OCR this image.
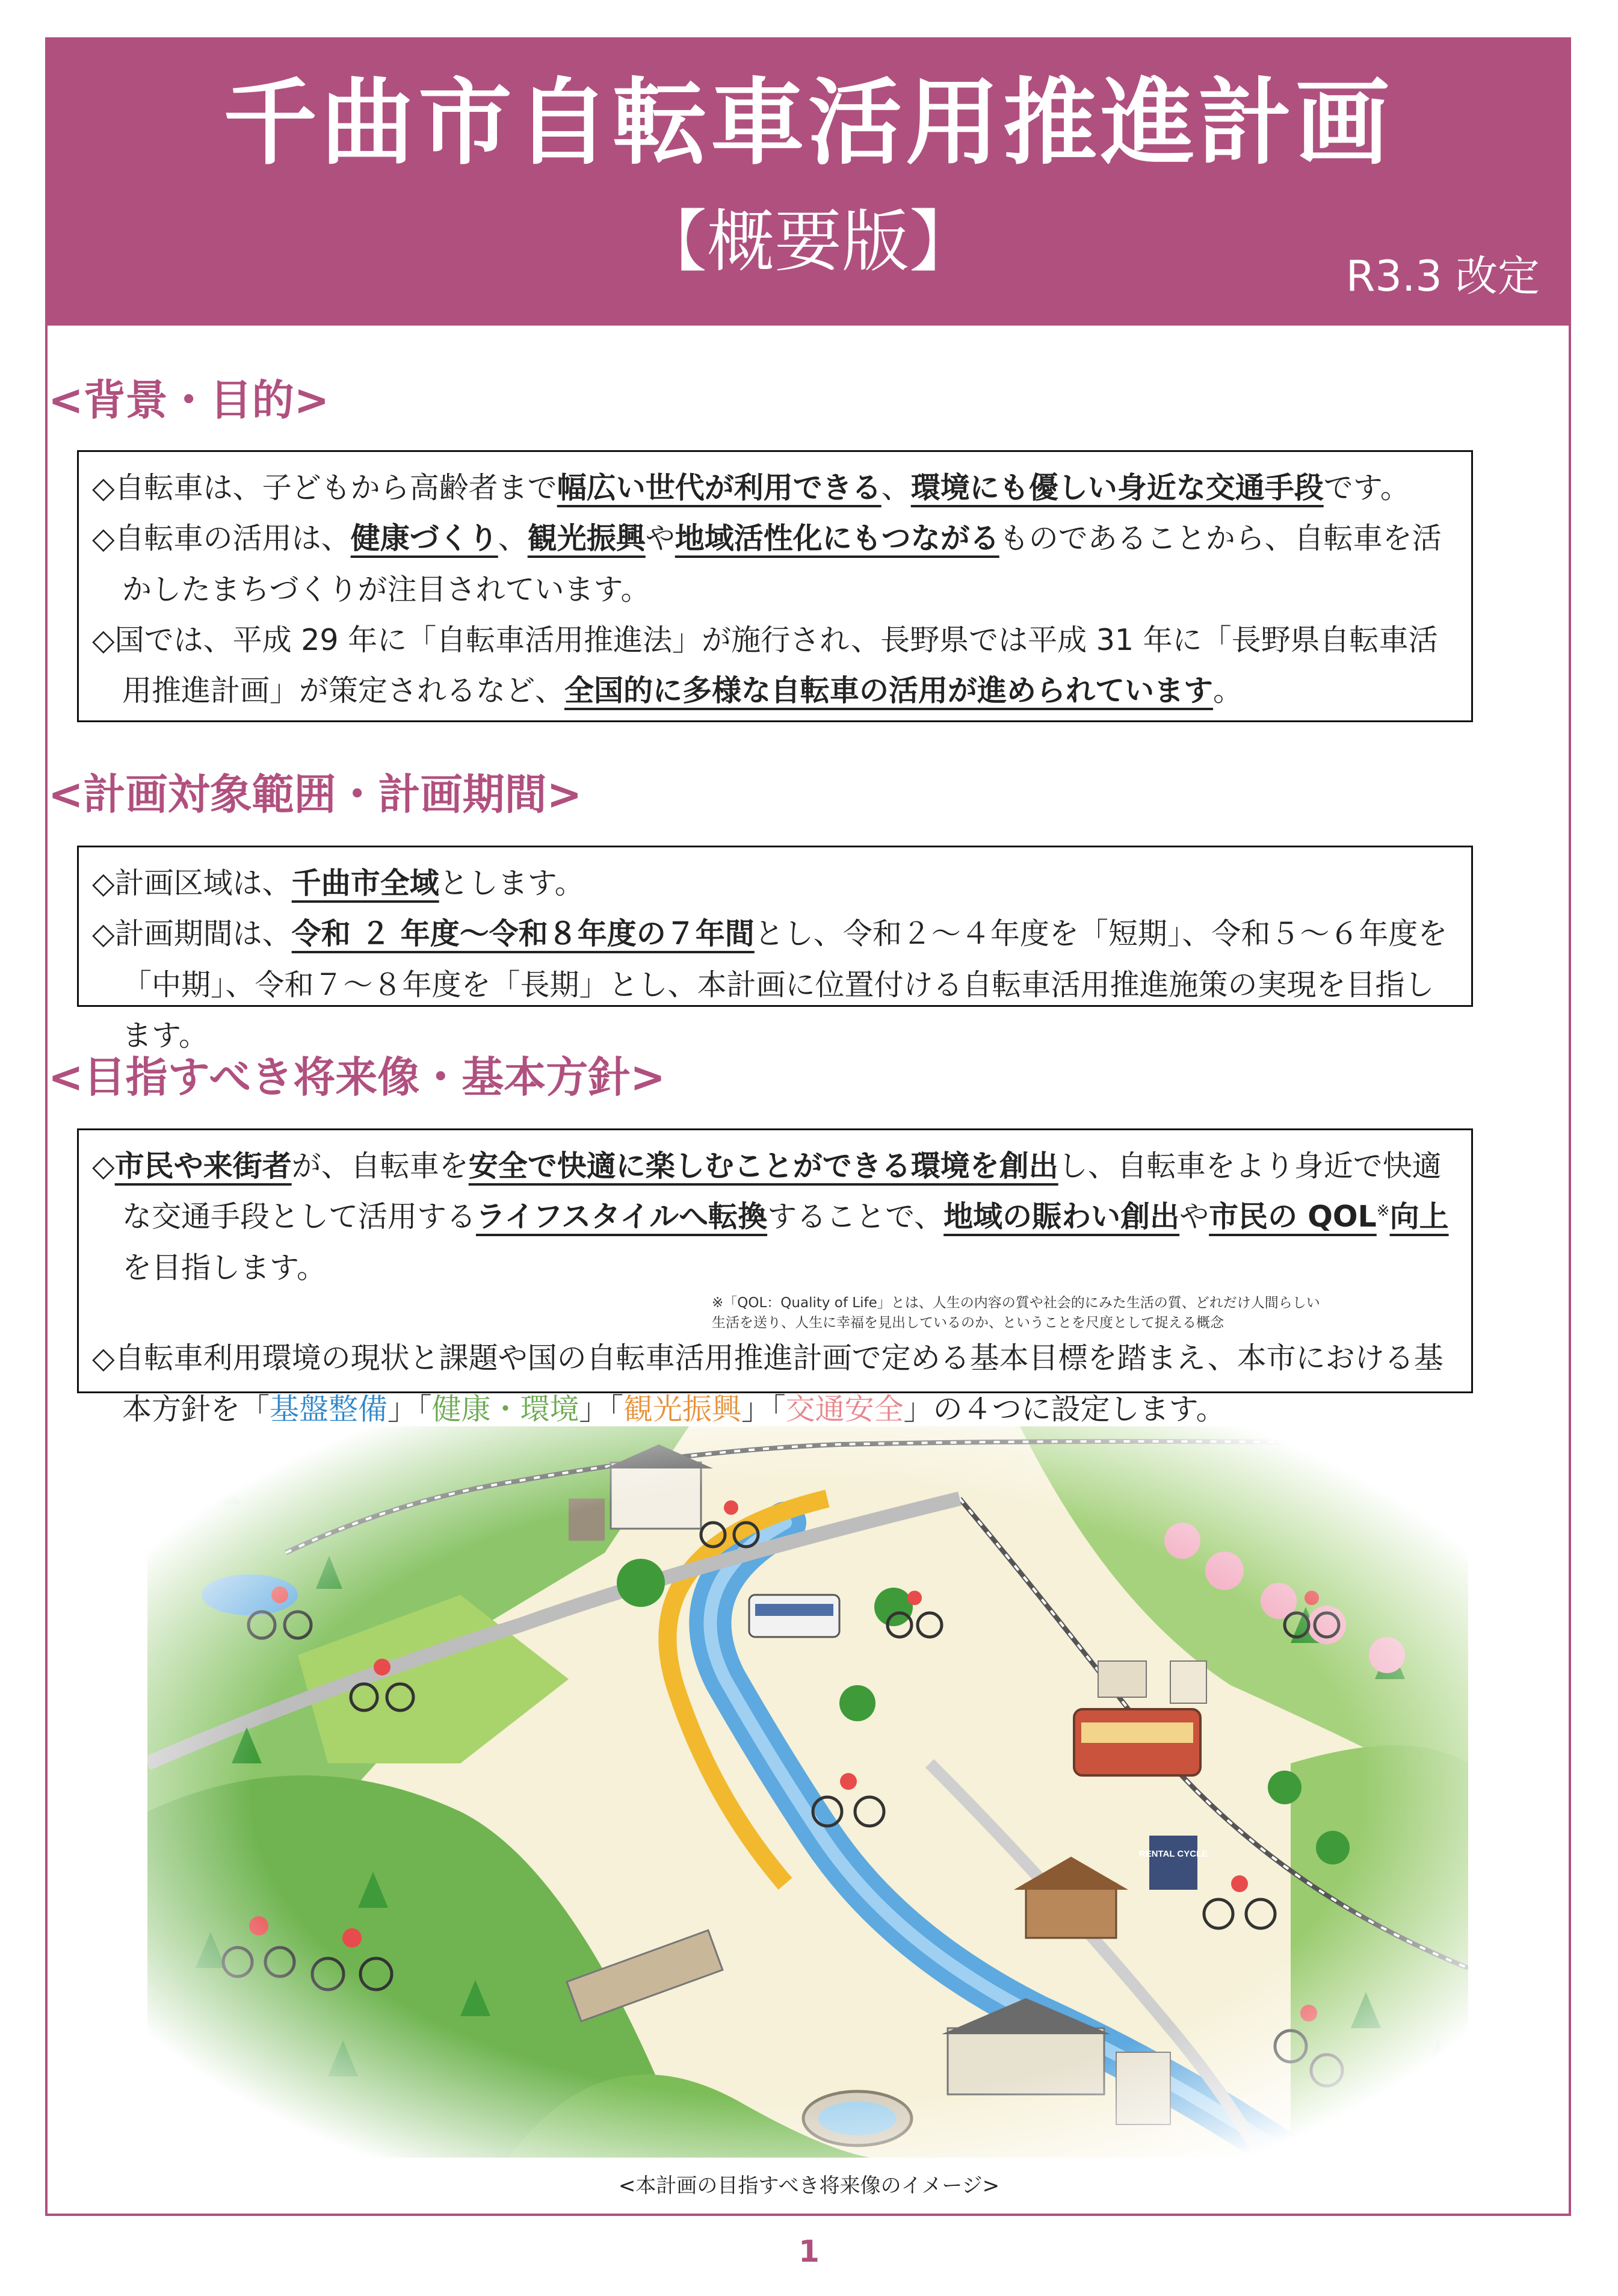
千曲市自転車活用推進計画
【概要版】	R3.3 改定
<背景・目的>

◇自転車は、子どもから高齢者まで幅広い世代が利用できる、環境にも優しい身近な交通手段です。

◇自転車の活用は、健康づくり、観光振興や地域活性化にもつながるものであることから、自転車を活かしたまちづくりが注目されています。

◇国では、平成 29 年に「自転車活用推進法」が施行され、長野県では平成 31 年に「長野県自転車活用推進計画」が策定されるなど、全国的に多様な自転車の活用が進められています。

<計画対象範囲・計画期間>

◇計画区域は、千曲市全域とします。

◇計画期間は、令和 ２ 年度～令和８年度の７年間とし、令和２～４年度を「短期」、令和５～６年度を「中期」、令和７～８年度を「長期」とし、本計画に位置付ける自転車活用推進施策の実現を目指します。

<目指すべき将来像・基本方針>

◇市民や来街者が、自転車を安全で快適に楽しむことができる環境を創出し、自転車をより身近で快適な交通手段として活用するライフスタイルへ転換することで、地域の賑わい創出や市民の QOL※向上を目指します。

※「QOL：Quality of Life」とは、人生の内容の質や社会的にみた生活の質、どれだけ人間らしい
生活を送り、人生に幸福を見出しているのか、ということを尺度として捉える概念

◇自転車利用環境の現状と課題や国の自転車活用推進計画で定める基本目標を踏まえ、本市における基本方針を「基盤整備」「健康・環境」「観光振興」「交通安全」の４つに設定します。

<本計画の目指すべき将来像のイメージ>
1
